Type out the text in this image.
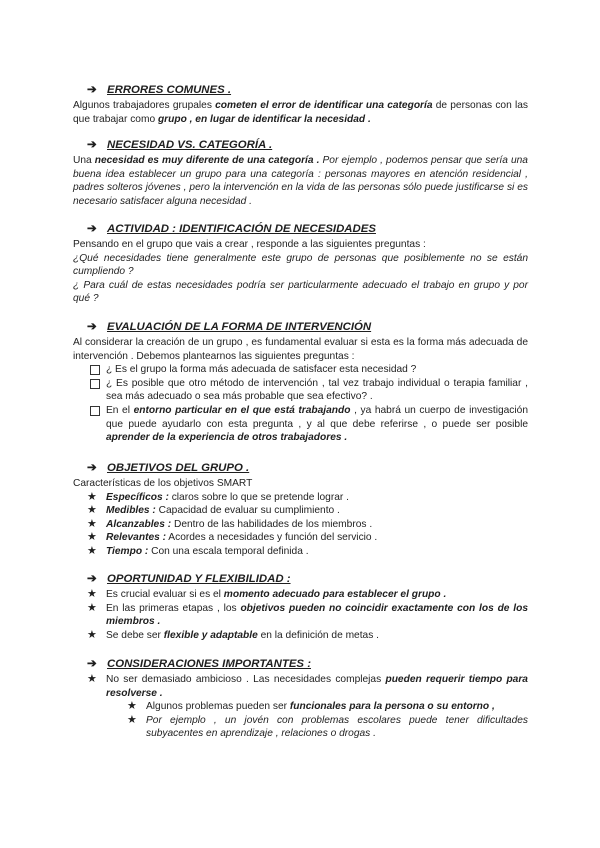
➔ ERRORES COMUNES .

Algunos trabajadores grupales cometen el error de identificar una categoría de personas con las que trabajar como grupo , en lugar de identificar la necesidad .

➔ NECESIDAD VS. CATEGORÍA .

Una necesidad es muy diferente de una categoría . Por ejemplo , podemos pensar que sería una buena idea establecer un grupo para una categoría : personas mayores en atención residencial , padres solteros jóvenes , pero la intervención en la vida de las personas sólo puede justificarse si es necesario satisfacer alguna necesidad .

➔ ACTIVIDAD : IDENTIFICACIÓN DE NECESIDADES

Pensando en el grupo que vais a crear , responde a las siguientes preguntas :

¿Qué necesidades tiene generalmente este grupo de personas que posiblemente no se están cumpliendo ?

¿ Para cuál de estas necesidades podría ser particularmente adecuado el trabajo en grupo y por qué ?

➔ EVALUACIÓN DE LA FORMA DE INTERVENCIÓN

Al considerar la creación de un grupo , es fundamental evaluar si esta es la forma más adecuada de intervención . Debemos plantearnos las siguientes preguntas :

¿ Es el grupo la forma más adecuada de satisfacer esta necesidad ?
¿ Es posible que otro método de intervención , tal vez trabajo individual o terapia familiar , sea más adecuado o sea más probable que sea efectivo? .
En el entorno particular en el que está trabajando , ya habrá un cuerpo de investigación que puede ayudarlo con esta pregunta , y al que debe referirse , o puede ser posible aprender de la experiencia de otros trabajadores .
➔ OBJETIVOS DEL GRUPO .

Características de los objetivos SMART

★ Específicos : claros sobre lo que se pretende lograr .
★ Medibles : Capacidad de evaluar su cumplimiento .
★ Alcanzables : Dentro de las habilidades de los miembros .
★ Relevantes : Acordes a necesidades y función del servicio .
★ Tiempo : Con una escala temporal definida .
➔ OPORTUNIDAD Y FLEXIBILIDAD :
★ Es crucial evaluar si es el momento adecuado para establecer el grupo .
★ En las primeras etapas , los objetivos pueden no coincidir exactamente con los de los miembros .
★ Se debe ser flexible y adaptable en la definición de metas .
➔ CONSIDERACIONES IMPORTANTES :
★ No ser demasiado ambicioso . Las necesidades complejas pueden requerir tiempo para resolverse .
★ Algunos problemas pueden ser funcionales para la persona o su entorno ,
★ Por ejemplo , un jovén con problemas escolares puede tener dificultades subyacentes en aprendizaje , relaciones o drogas .
